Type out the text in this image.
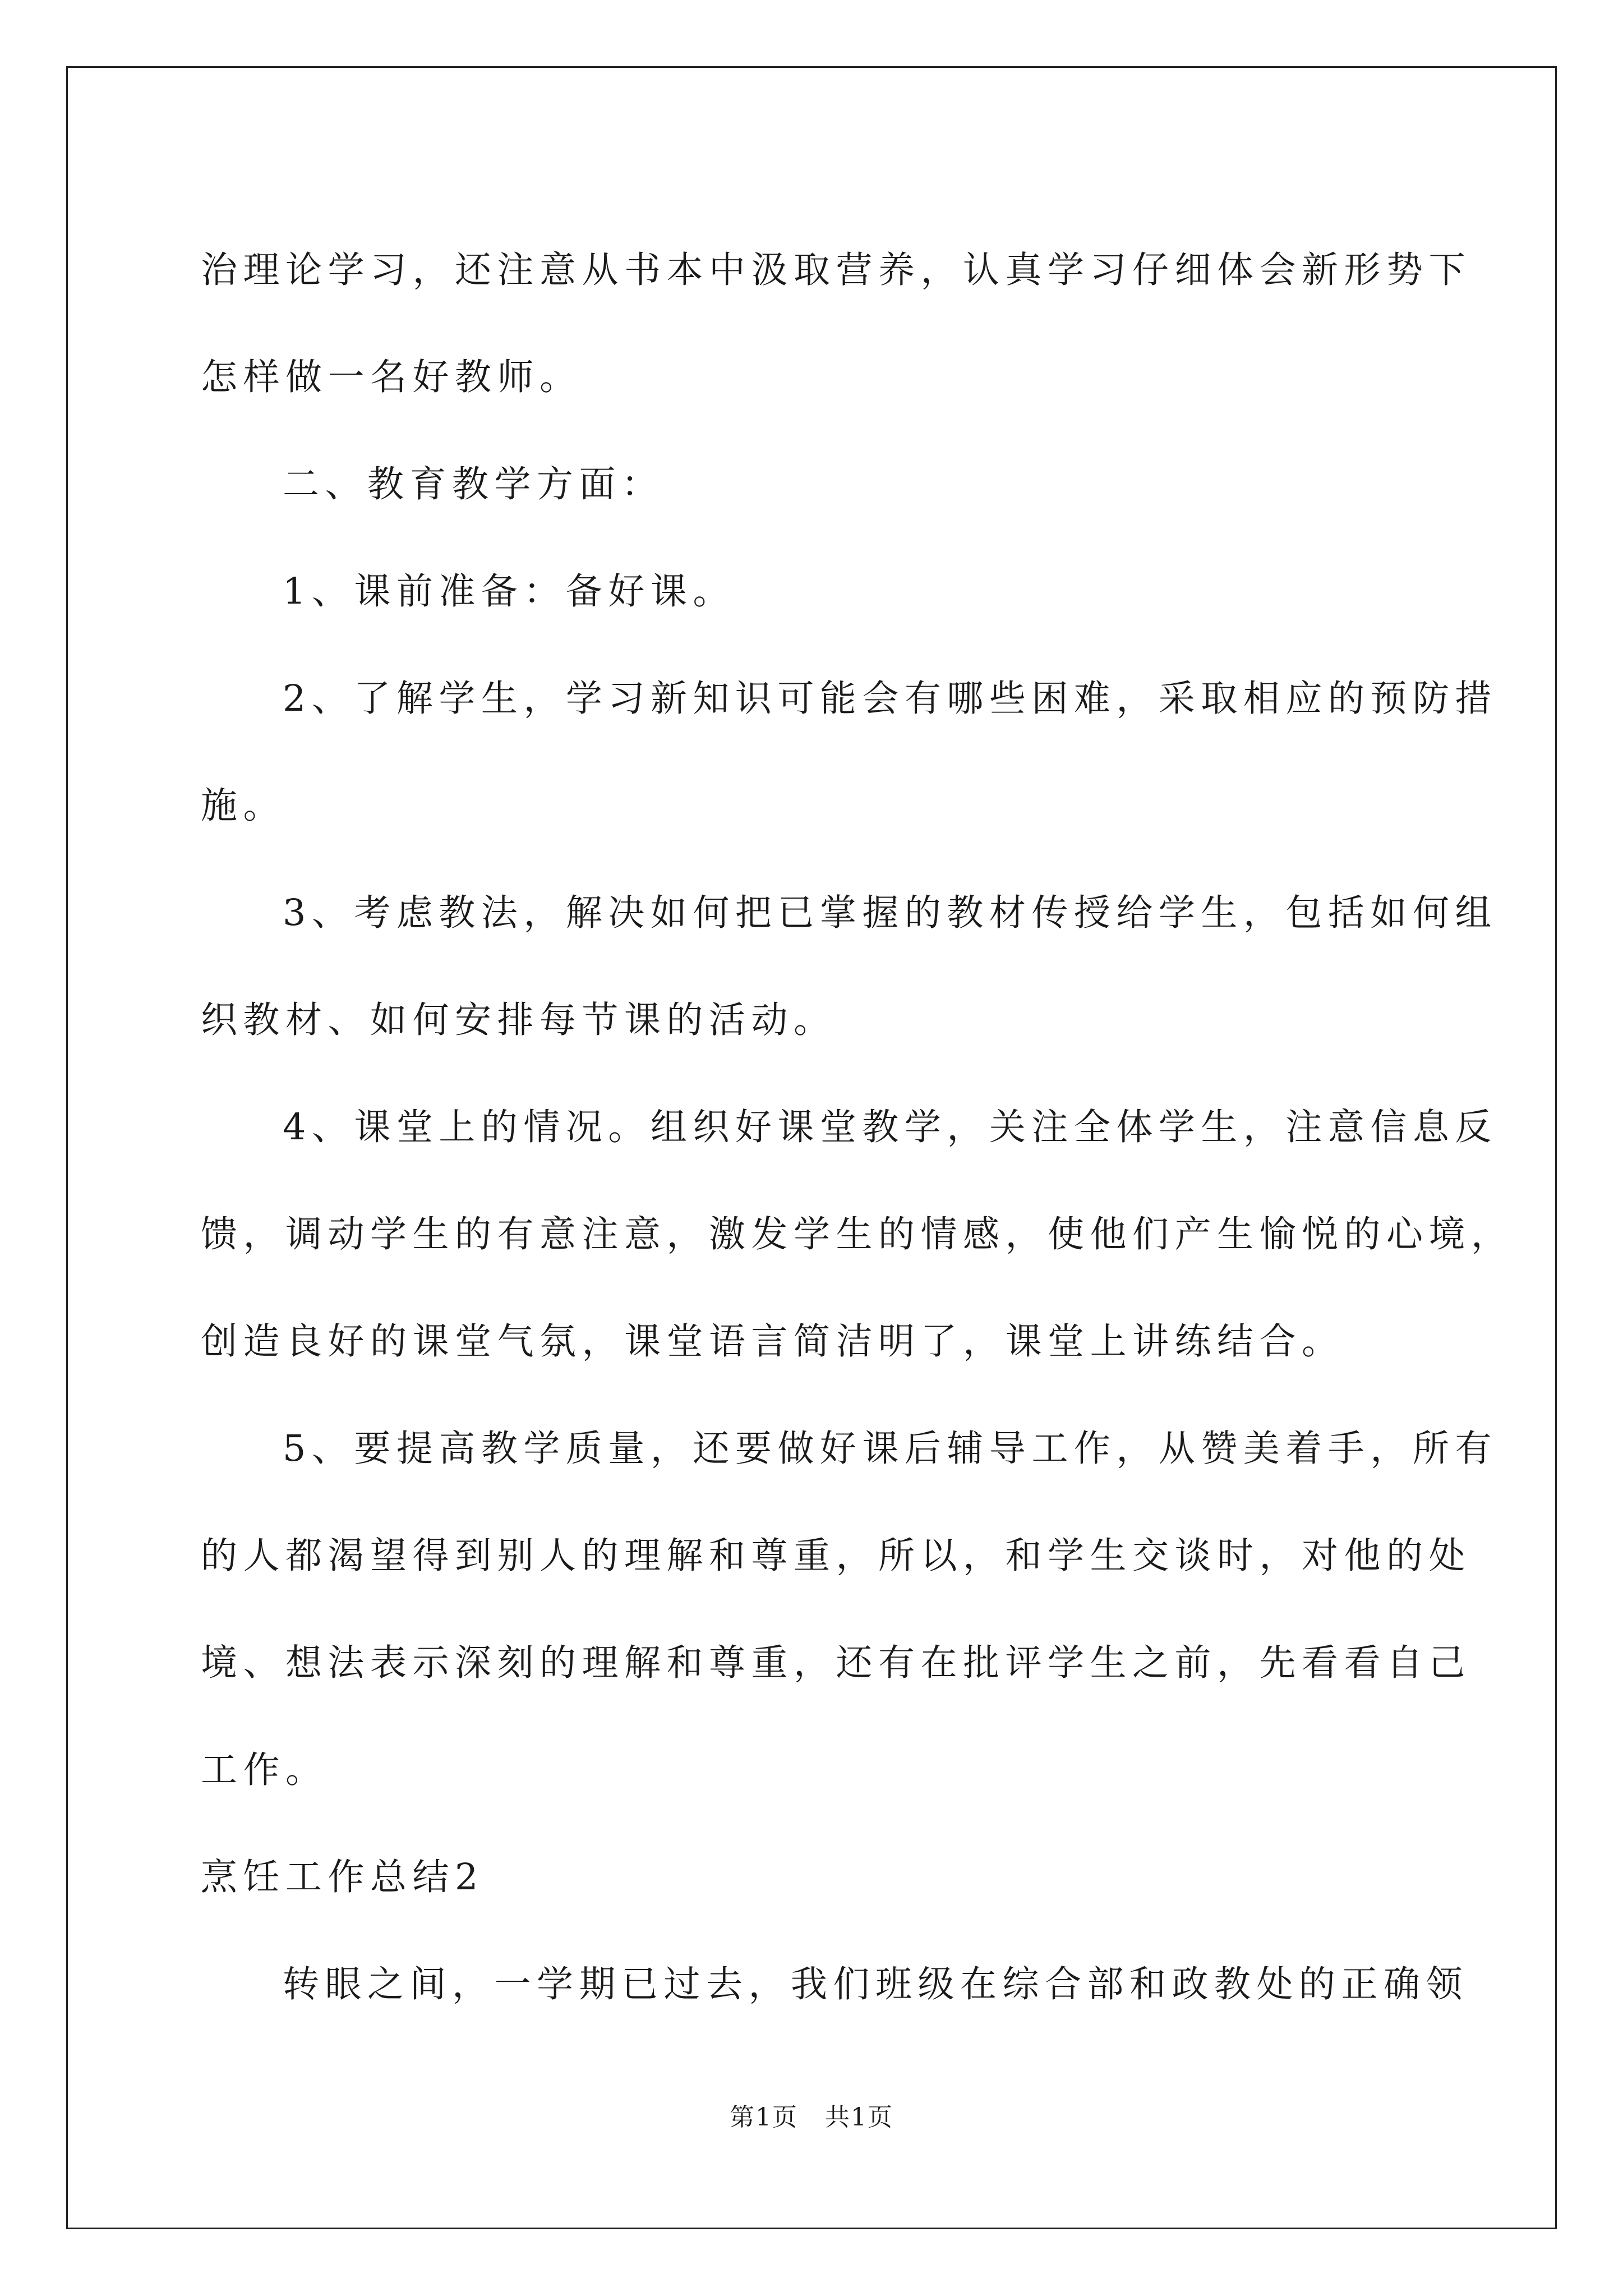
治理论学习，还注意从书本中汲取营养，认真学习仔细体会新形势下

怎样做一名好教师。

二、教育教学方面：

1、课前准备：备好课。

2、了解学生，学习新知识可能会有哪些困难，采取相应的预防措

施。

3、考虑教法，解决如何把已掌握的教材传授给学生，包括如何组

织教材、如何安排每节课的活动。

4、课堂上的情况。组织好课堂教学，关注全体学生，注意信息反

馈，调动学生的有意注意，激发学生的情感，使他们产生愉悦的心境，

创造良好的课堂气氛，课堂语言简洁明了，课堂上讲练结合。

5、要提高教学质量，还要做好课后辅导工作，从赞美着手，所有

的人都渴望得到别人的理解和尊重，所以，和学生交谈时，对他的处

境、想法表示深刻的理解和尊重，还有在批评学生之前，先看看自己

工作。

烹饪工作总结2

转眼之间，一学期已过去，我们班级在综合部和政教处的正确领

第1页 共1页
